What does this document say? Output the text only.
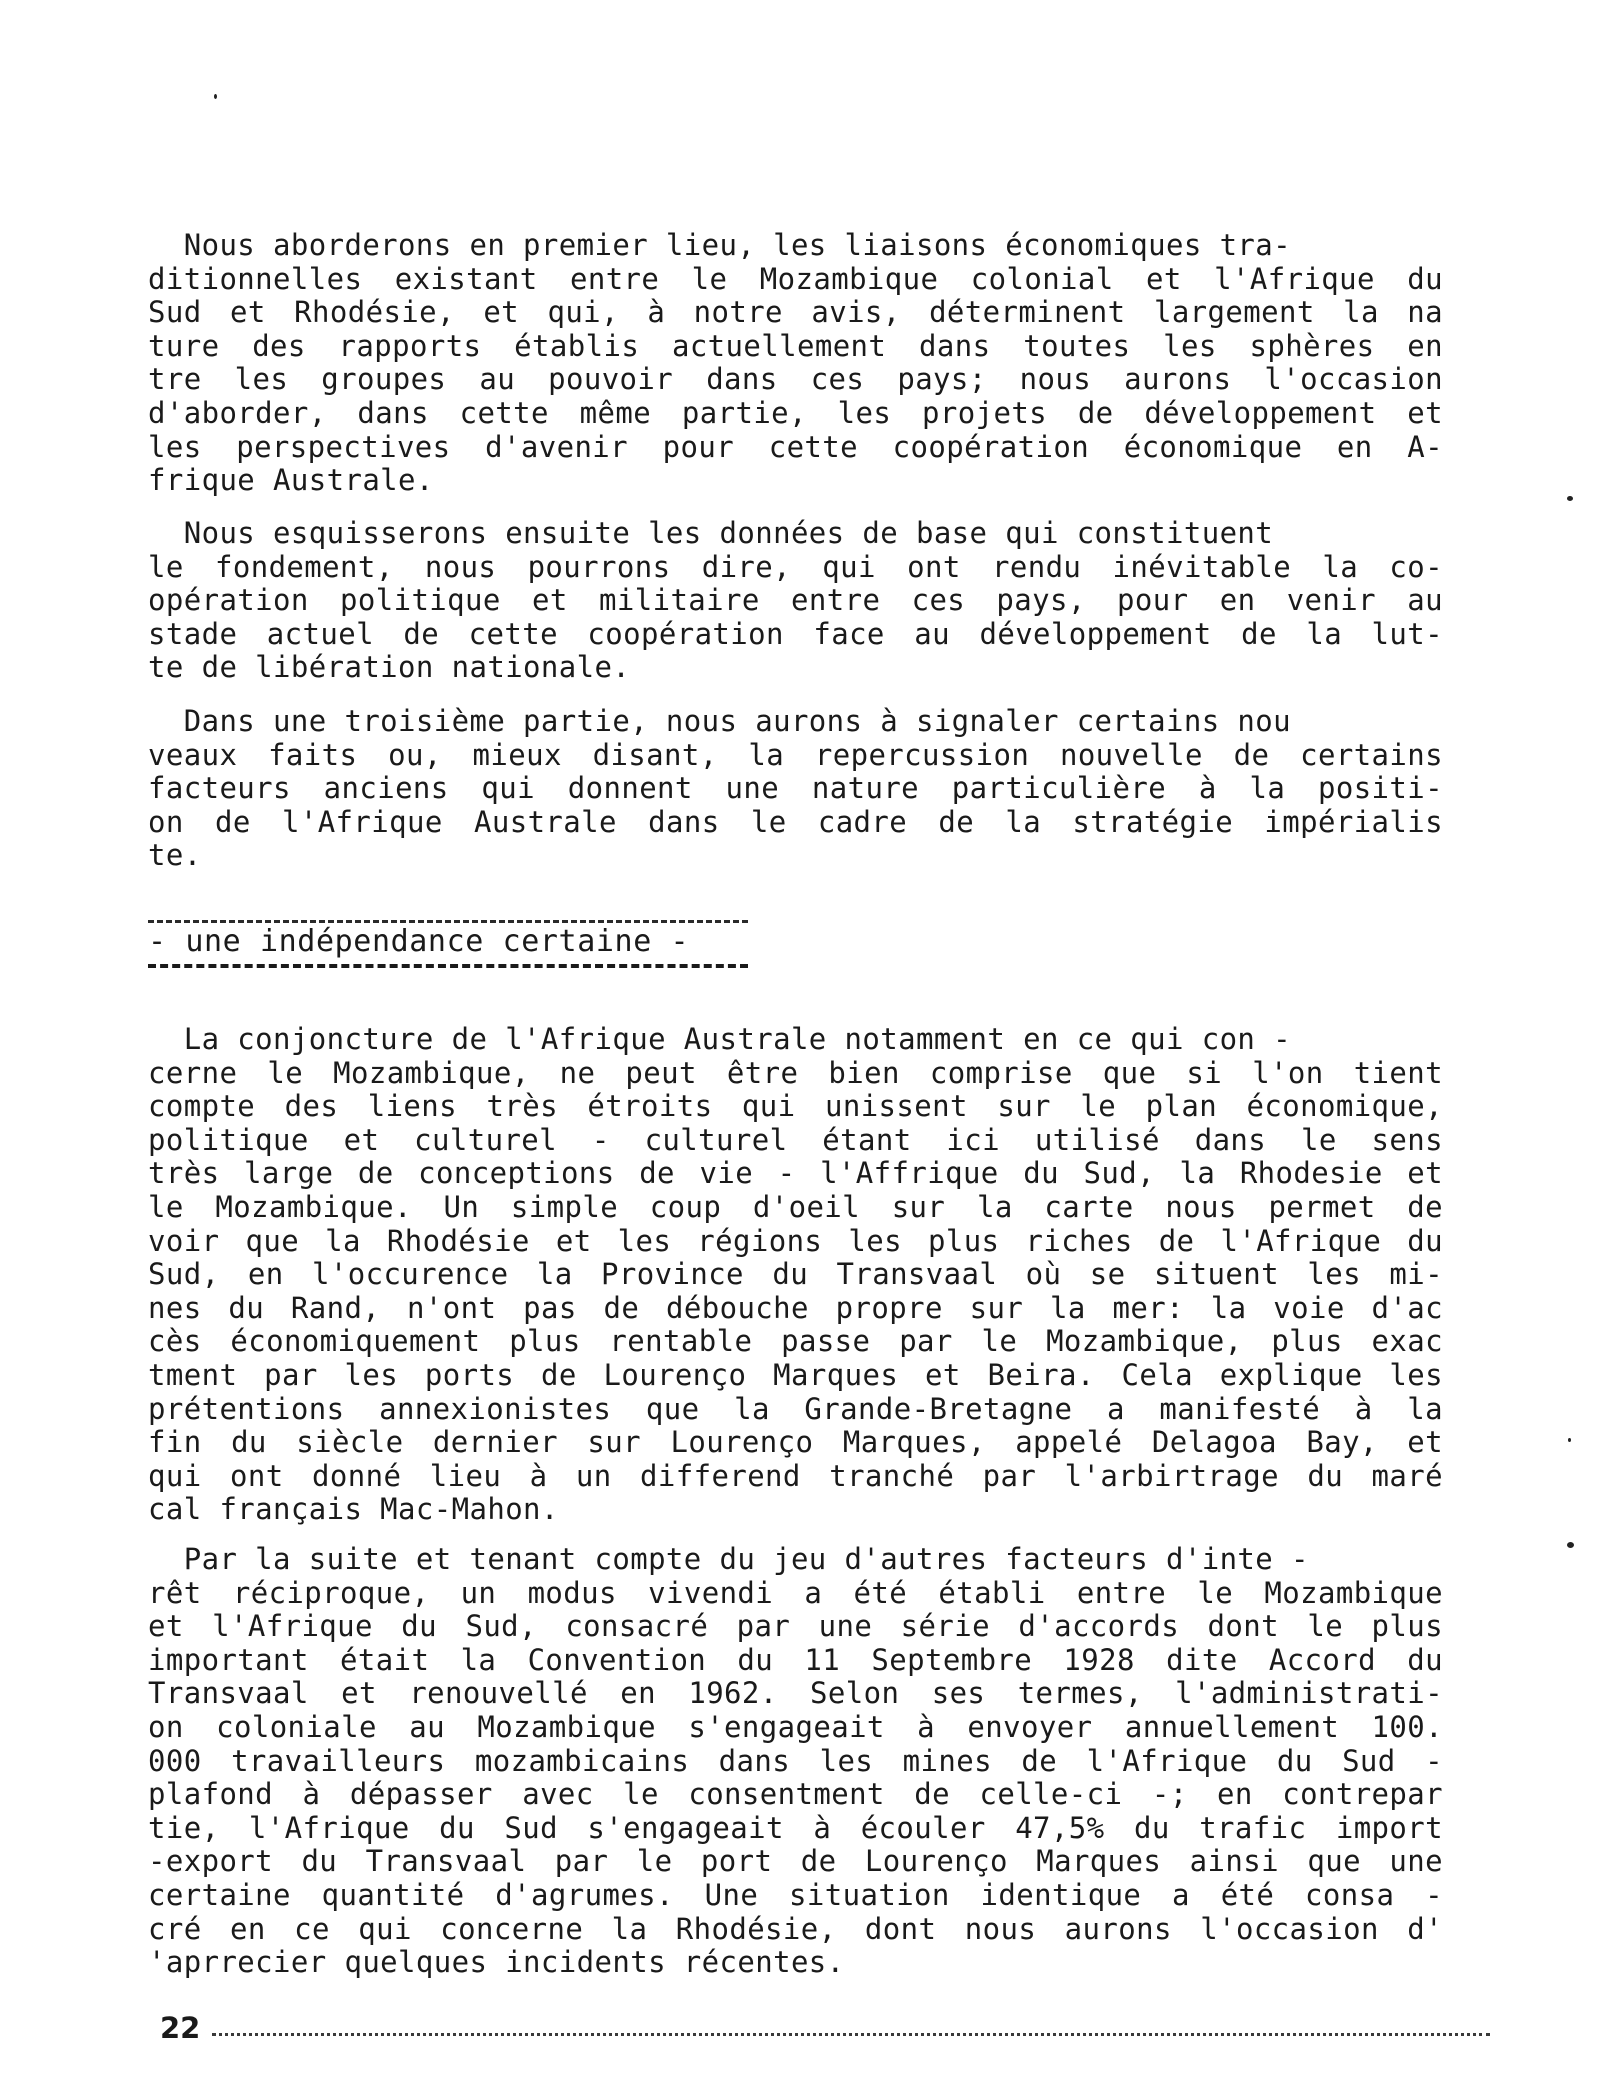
Nous aborderons en premier lieu, les liaisons économiques tra-
ditionnelles existant entre le Mozambique colonial et l'Afrique du
Sud et Rhodésie, et qui, à notre avis, déterminent largement la na
ture des rapports établis actuellement dans toutes les sphères en
tre les groupes au pouvoir dans ces pays; nous aurons l'occasion
d'aborder, dans cette même partie, les projets de développement et
les perspectives d'avenir pour cette coopération économique en A-
frique Australe.
Nous esquisserons ensuite les données de base qui constituent
le fondement, nous pourrons dire, qui ont rendu inévitable la co-
opération politique et militaire entre ces pays, pour en venir au
stade actuel de cette coopération face au développement de la lut-
te de libération nationale.
Dans une troisième partie, nous aurons à signaler certains nou
veaux faits ou, mieux disant, la repercussion nouvelle de certains
facteurs anciens qui donnent une nature particulière à la positi-
on de l'Afrique Australe dans le cadre de la stratégie impérialis
te.
- une indépendance certaine -
La conjoncture de l'Afrique Australe notamment en ce qui con -
cerne le Mozambique, ne peut être bien comprise que si l'on tient
compte des liens très étroits qui unissent sur le plan économique,
politique et culturel - culturel étant ici utilisé dans le sens
très large de conceptions de vie - l'Affrique du Sud, la Rhodesie et
le Mozambique. Un simple coup d'oeil sur la carte nous permet de
voir que la Rhodésie et les régions les plus riches de l'Afrique du
Sud, en l'occurence la Province du Transvaal où se situent les mi-
nes du Rand, n'ont pas de débouche propre sur la mer: la voie d'ac
cès économiquement plus rentable passe par le Mozambique, plus exac
tment par les ports de Lourenço Marques et Beira. Cela explique les
prétentions annexionistes que la Grande-Bretagne a manifesté à la
fin du siècle dernier sur Lourenço Marques, appelé Delagoa Bay, et
qui ont donné lieu à un differend tranché par l'arbirtrage du maré
cal français Mac-Mahon.
Par la suite et tenant compte du jeu d'autres facteurs d'inte -
rêt réciproque, un modus vivendi a été établi entre le Mozambique
et l'Afrique du Sud, consacré par une série d'accords dont le plus
important était la Convention du 11 Septembre 1928 dite Accord du
Transvaal et renouvellé en 1962. Selon ses termes, l'administrati-
on coloniale au Mozambique s'engageait à envoyer annuellement 100.
000 travailleurs mozambicains dans les mines de l'Afrique du Sud -
plafond à dépasser avec le consentment de celle-ci -; en contrepar
tie, l'Afrique du Sud s'engageait à écouler 47,5% du trafic import
-export du Transvaal par le port de Lourenço Marques ainsi que une
certaine quantité d'agrumes. Une situation identique a été consa -
cré en ce qui concerne la Rhodésie, dont nous aurons l'occasion d'
'aprrecier quelques incidents récentes.
22
